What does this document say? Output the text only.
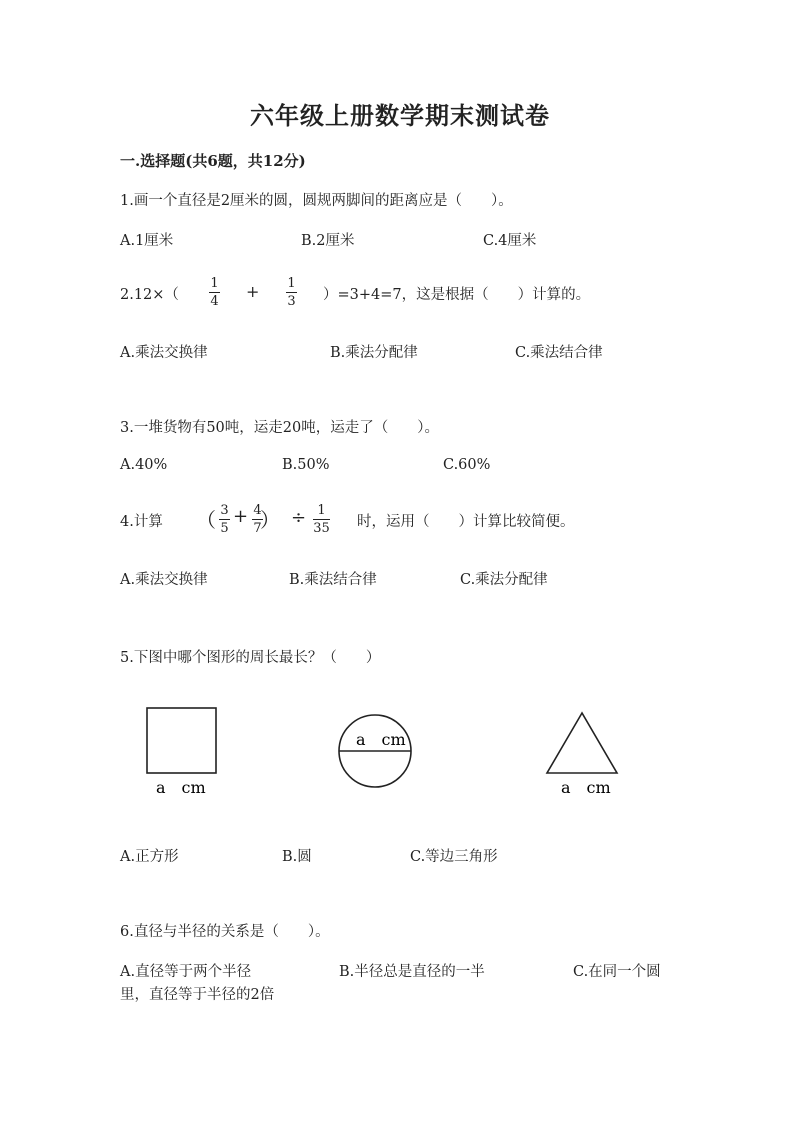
六年级上册数学期末测试卷
一.选择题(共6题，共12分)
1.画一个直径是2厘米的圆，圆规两脚间的距离应是（　　）。
A.1厘米	B.2厘米	C.4厘米
2.12×（
1
4
+ 1
3 ）=3+4=7，这是根据（　　）计算的。
A.乘法交换律	B.乘法分配律	C.乘法结合律
3.一堆货物有50吨，运走20吨，运走了（　　）。
A.40%	B.50%	C.60%
4.计算 （ 3
5
+ 4
7
） ÷ 1
35 时，运用（　　）计算比较简便。
A.乘法交换律	B.乘法结合律	C.乘法分配律
5.下图中哪个图形的周长最长？（　　）
a　cm
a　cm
a　cm
A.正方形	B.圆	C.等边三角形
6.直径与半径的关系是（　　）。
A.直径等于两个半径	B.半径总是直径的一半	C.在同一个圆
里，直径等于半径的2倍
